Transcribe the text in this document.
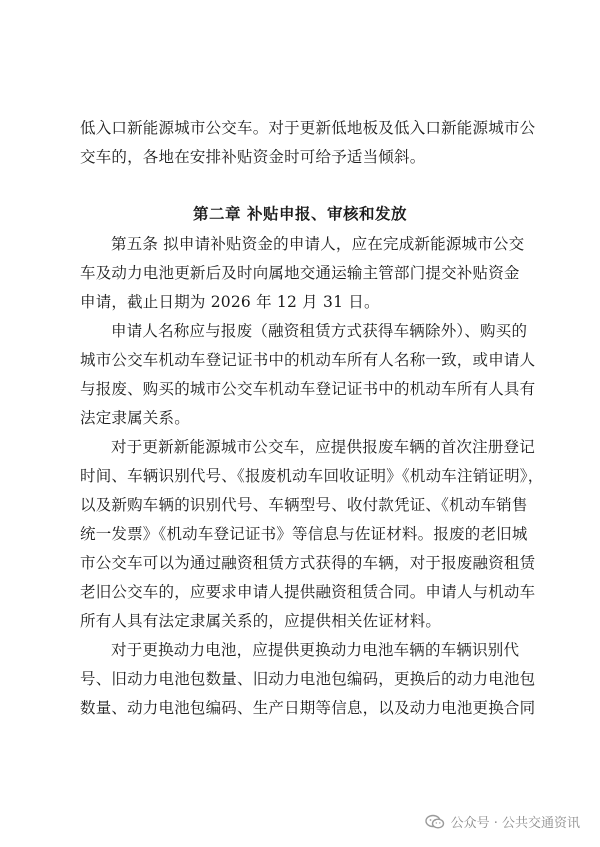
低入口新能源城市公交车。对于更新低地板及低入口新能源城市公
交车的，各地在安排补贴资金时可给予适当倾斜。
第二章 补贴申报、审核和发放
第五条 拟申请补贴资金的申请人，应在完成新能源城市公交
车及动力电池更新后及时向属地交通运输主管部门提交补贴资金
申请，截止日期为 2026 年 12 月 31 日。
申请人名称应与报废（融资租赁方式获得车辆除外）、购买的
城市公交车机动车登记证书中的机动车所有人名称一致，或申请人
与报废、购买的城市公交车机动车登记证书中的机动车所有人具有
法定隶属关系。
对于更新新能源城市公交车，应提供报废车辆的首次注册登记
时间、车辆识别代号、《报废机动车回收证明》《机动车注销证明》，
以及新购车辆的识别代号、车辆型号、收付款凭证、《机动车销售
统一发票》《机动车登记证书》等信息与佐证材料。报废的老旧城
市公交车可以为通过融资租赁方式获得的车辆，对于报废融资租赁
老旧公交车的，应要求申请人提供融资租赁合同。申请人与机动车
所有人具有法定隶属关系的，应提供相关佐证材料。
对于更换动力电池，应提供更换动力电池车辆的车辆识别代
号、旧动力电池包数量、旧动力电池包编码，更换后的动力电池包
数量、动力电池包编码、生产日期等信息，以及动力电池更换合同
公众号 · 公共交通资讯
